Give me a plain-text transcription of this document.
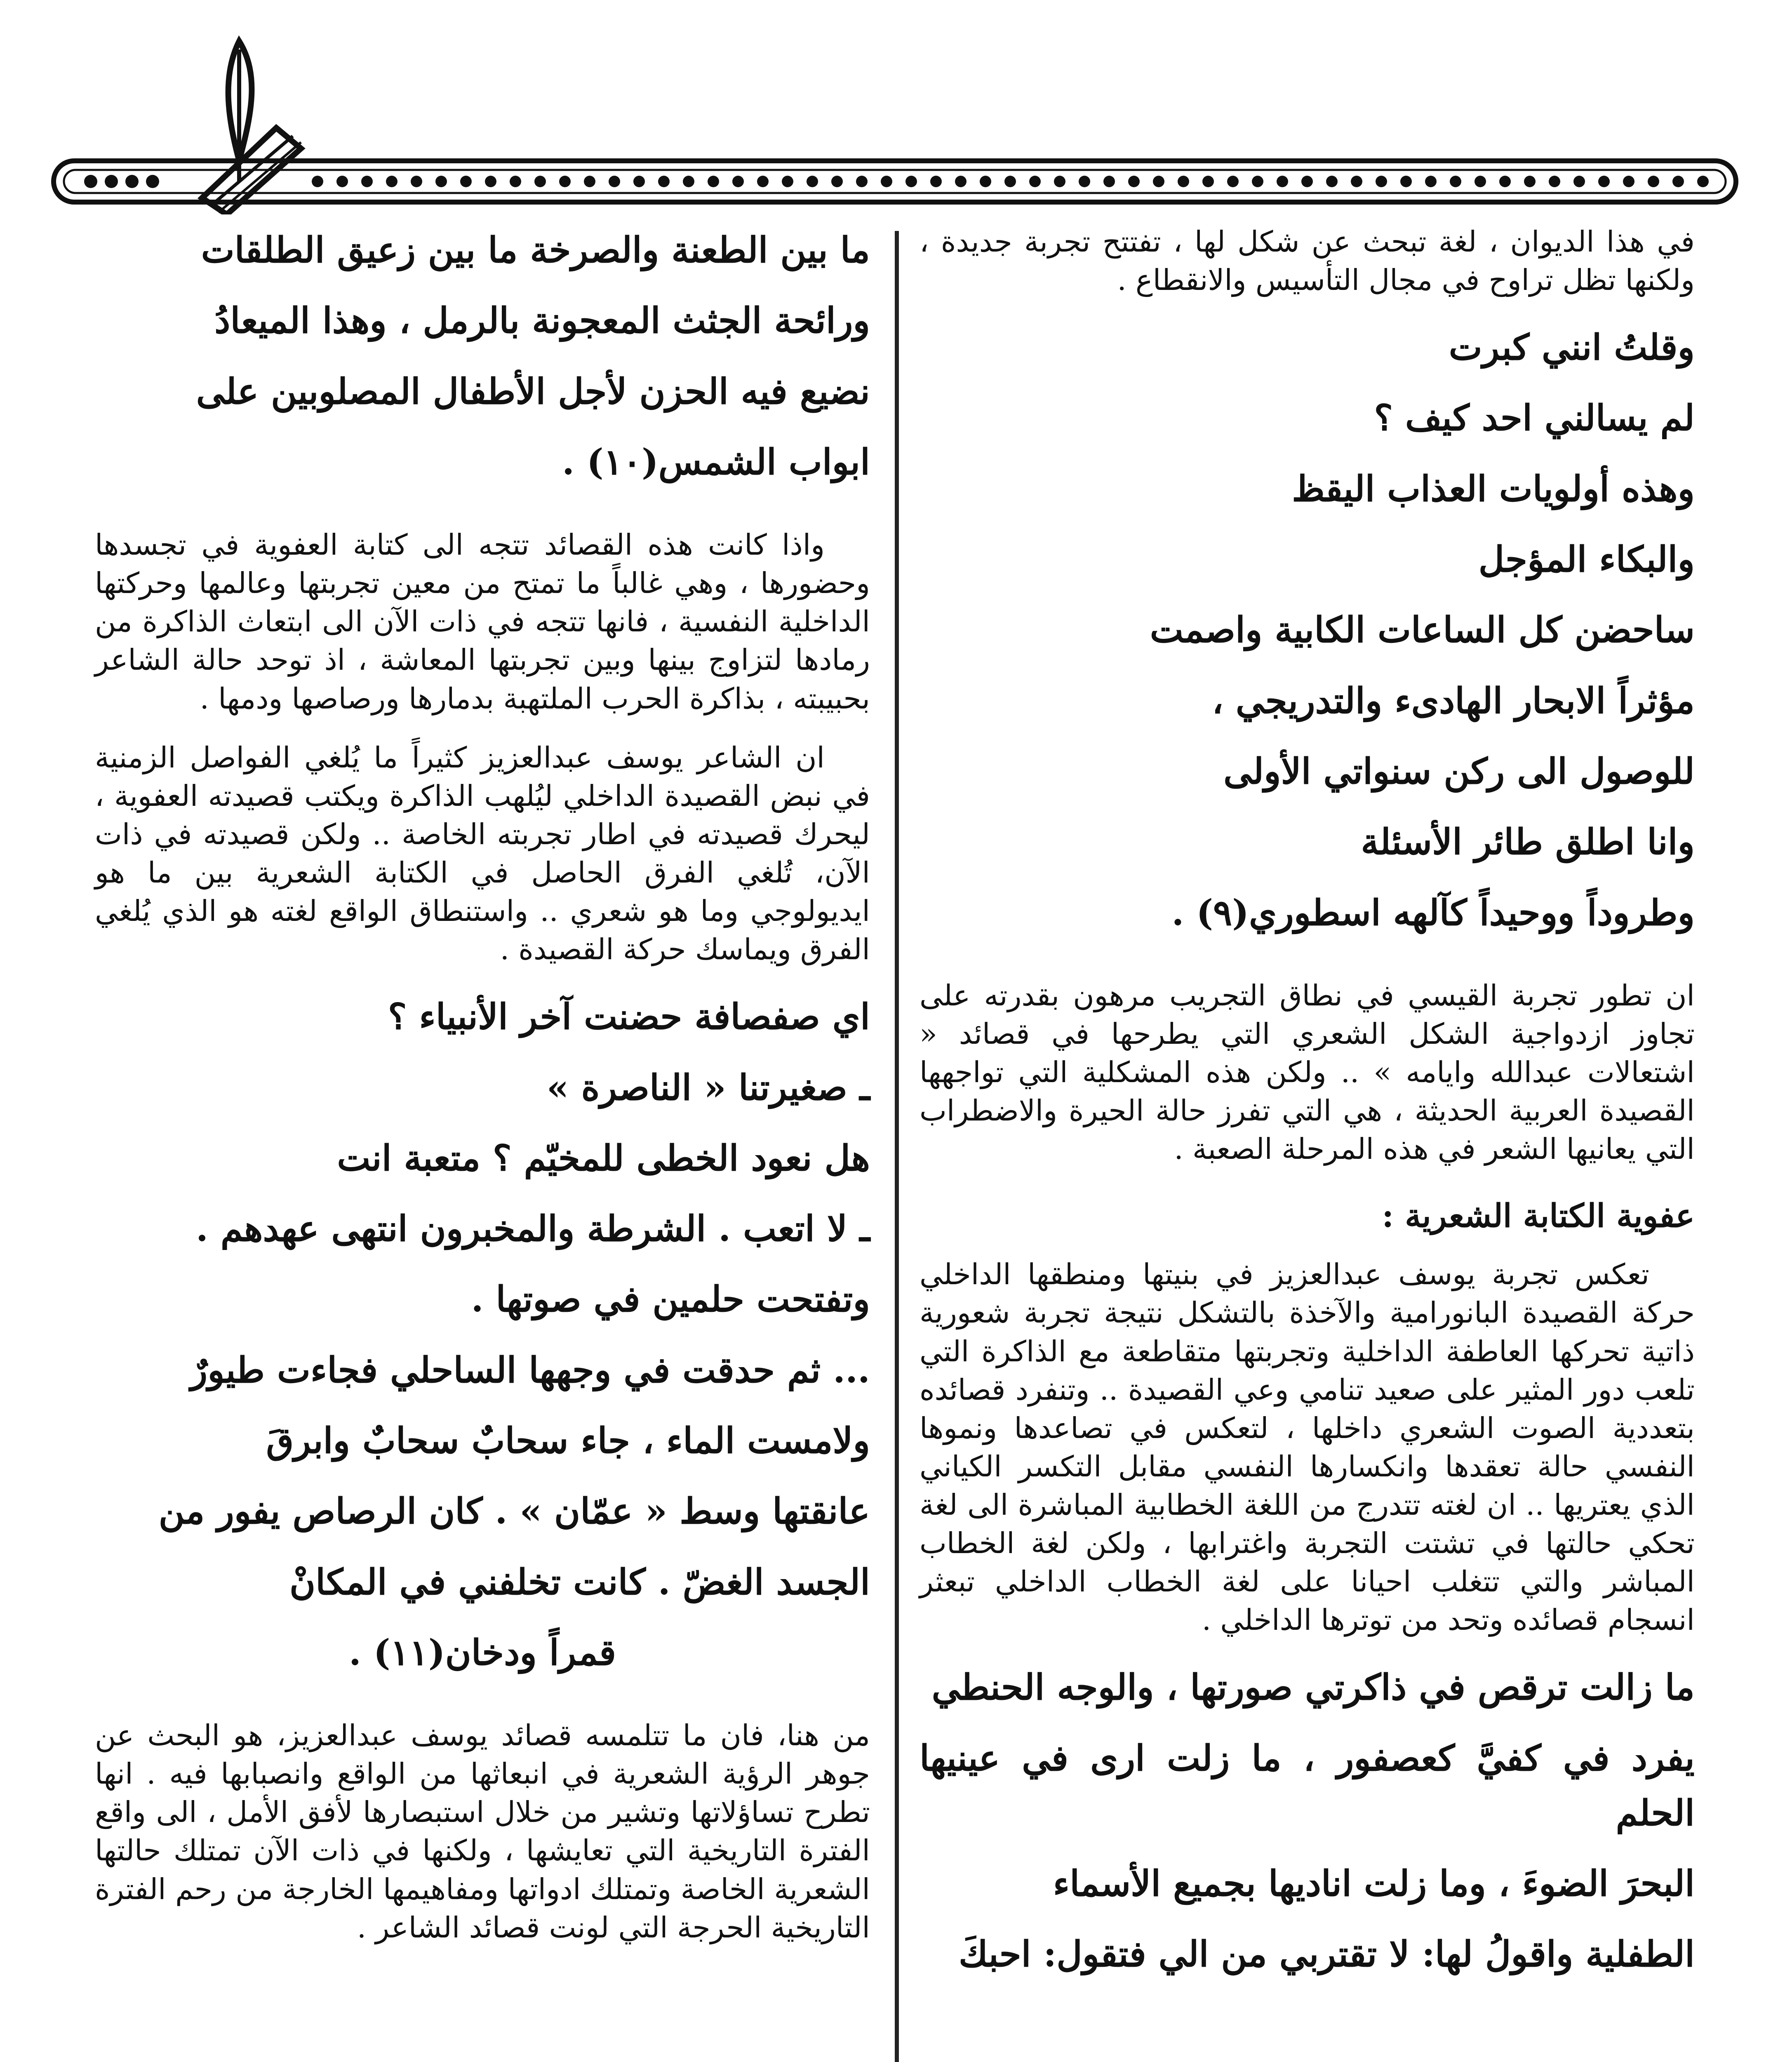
في هذا الديوان ، لغة تبحث عن شكل لها ، تفتتح تجربة جديدة ، ولكنها تظل تراوح في مجال التأسيس والانقطاع .

وقلتُ انني كبرت
لم يسالني احد كيف ؟
وهذه أولويات العذاب اليقظ
والبكاء المؤجل
ساحضن كل الساعات الكابية واصمت
مؤثراً الابحار الهادىء والتدريجي ،
للوصول الى ركن سنواتي الأولى
وانا اطلق طائر الأسئلة
وطروداً ووحيداً كآلهه اسطوري(٩) .

ان تطور تجربة القيسي في نطاق التجريب مرهون بقدرته على تجاوز ازدواجية الشكل الشعري التي يطرحها في قصائد « اشتعالات عبدالله وايامه » .. ولكن هذه المشكلية التي تواجهها القصيدة العربية الحديثة ، هي التي تفرز حالة الحيرة والاضطراب التي يعانيها الشعر في هذه المرحلة الصعبة .

عفوية الكتابة الشعرية :

تعكس تجربة يوسف عبدالعزيز في بنيتها ومنطقها الداخلي حركة القصيدة البانورامية والآخذة بالتشكل نتيجة تجربة شعورية ذاتية تحركها العاطفة الداخلية وتجربتها متقاطعة مع الذاكرة التي تلعب دور المثير على صعيد تنامي وعي القصيدة .. وتنفرد قصائده بتعددية الصوت الشعري داخلها ، لتعكس في تصاعدها ونموها النفسي حالة تعقدها وانكسارها النفسي مقابل التكسر الكياني الذي يعتريها .. ان لغته تتدرج من اللغة الخطابية المباشرة الى لغة تحكي حالتها في تشتت التجربة واغترابها ، ولكن لغة الخطاب المباشر والتي تتغلب احيانا على لغة الخطاب الداخلي تبعثر انسجام قصائده وتحد من توترها الداخلي .

ما زالت ترقص في ذاكرتي صورتها ، والوجه الحنطي
يفرد في كفيَّ كعصفور ، ما زلت ارى في عينيها الحلم
البحرَ الضوءَ ، وما زلت اناديها بجميع الأسماء
الطفلية واقولُ لها: لا تقتربي من الي فتقول: احبكَ
ما بين الطعنة والصرخة ما بين زعيق الطلقات
ورائحة الجثث المعجونة بالرمل ، وهذا الميعادُ
نضيع فيه الحزن لأجل الأطفال المصلوبين على
ابواب الشمس(١٠) .

واذا كانت هذه القصائد تتجه الى كتابة العفوية في تجسدها وحضورها ، وهي غالباً ما تمتح من معين تجربتها وعالمها وحركتها الداخلية النفسية ، فانها تتجه في ذات الآن الى ابتعاث الذاكرة من رمادها لتزاوج بينها وبين تجربتها المعاشة ، اذ توحد حالة الشاعر بحبيبته ، بذاكرة الحرب الملتهبة بدمارها ورصاصها ودمها .

ان الشاعر يوسف عبدالعزيز كثيراً ما يُلغي الفواصل الزمنية في نبض القصيدة الداخلي ليُلهب الذاكرة ويكتب قصيدته العفوية ، ليحرك قصيدته في اطار تجربته الخاصة .. ولكن قصيدته في ذات الآن، تُلغي الفرق الحاصل في الكتابة الشعرية بين ما هو ايديولوجي وما هو شعري .. واستنطاق الواقع لغته هو الذي يُلغي الفرق ويماسك حركة القصيدة .

اي صفصافة حضنت آخر الأنبياء ؟
ـ صغيرتنا « الناصرة »
هل نعود الخطى للمخيّم ؟ متعبة انت
ـ لا اتعب . الشرطة والمخبرون انتهى عهدهم .
وتفتحت حلمين في صوتها .
... ثم حدقت في وجهها الساحلي فجاءت طيورٌ
ولامست الماء ، جاء سحابٌ سحابٌ وابرقَ
عانقتها وسط « عمّان » . كان الرصاص يفور من
الجسد الغضّ . كانت تخلفني في المكانْ
قمراً ودخان(١١) .

من هنا، فان ما تتلمسه قصائد يوسف عبدالعزيز، هو البحث عن جوهر الرؤية الشعرية في انبعاثها من الواقع وانصبابها فيه . انها تطرح تساؤلاتها وتشير من خلال استبصارها لأفق الأمل ، الى واقع الفترة التاريخية التي تعايشها ، ولكنها في ذات الآن تمتلك حالتها الشعرية الخاصة وتمتلك ادواتها ومفاهيمها الخارجة من رحم الفترة التاريخية الحرجة التي لونت قصائد الشاعر .
